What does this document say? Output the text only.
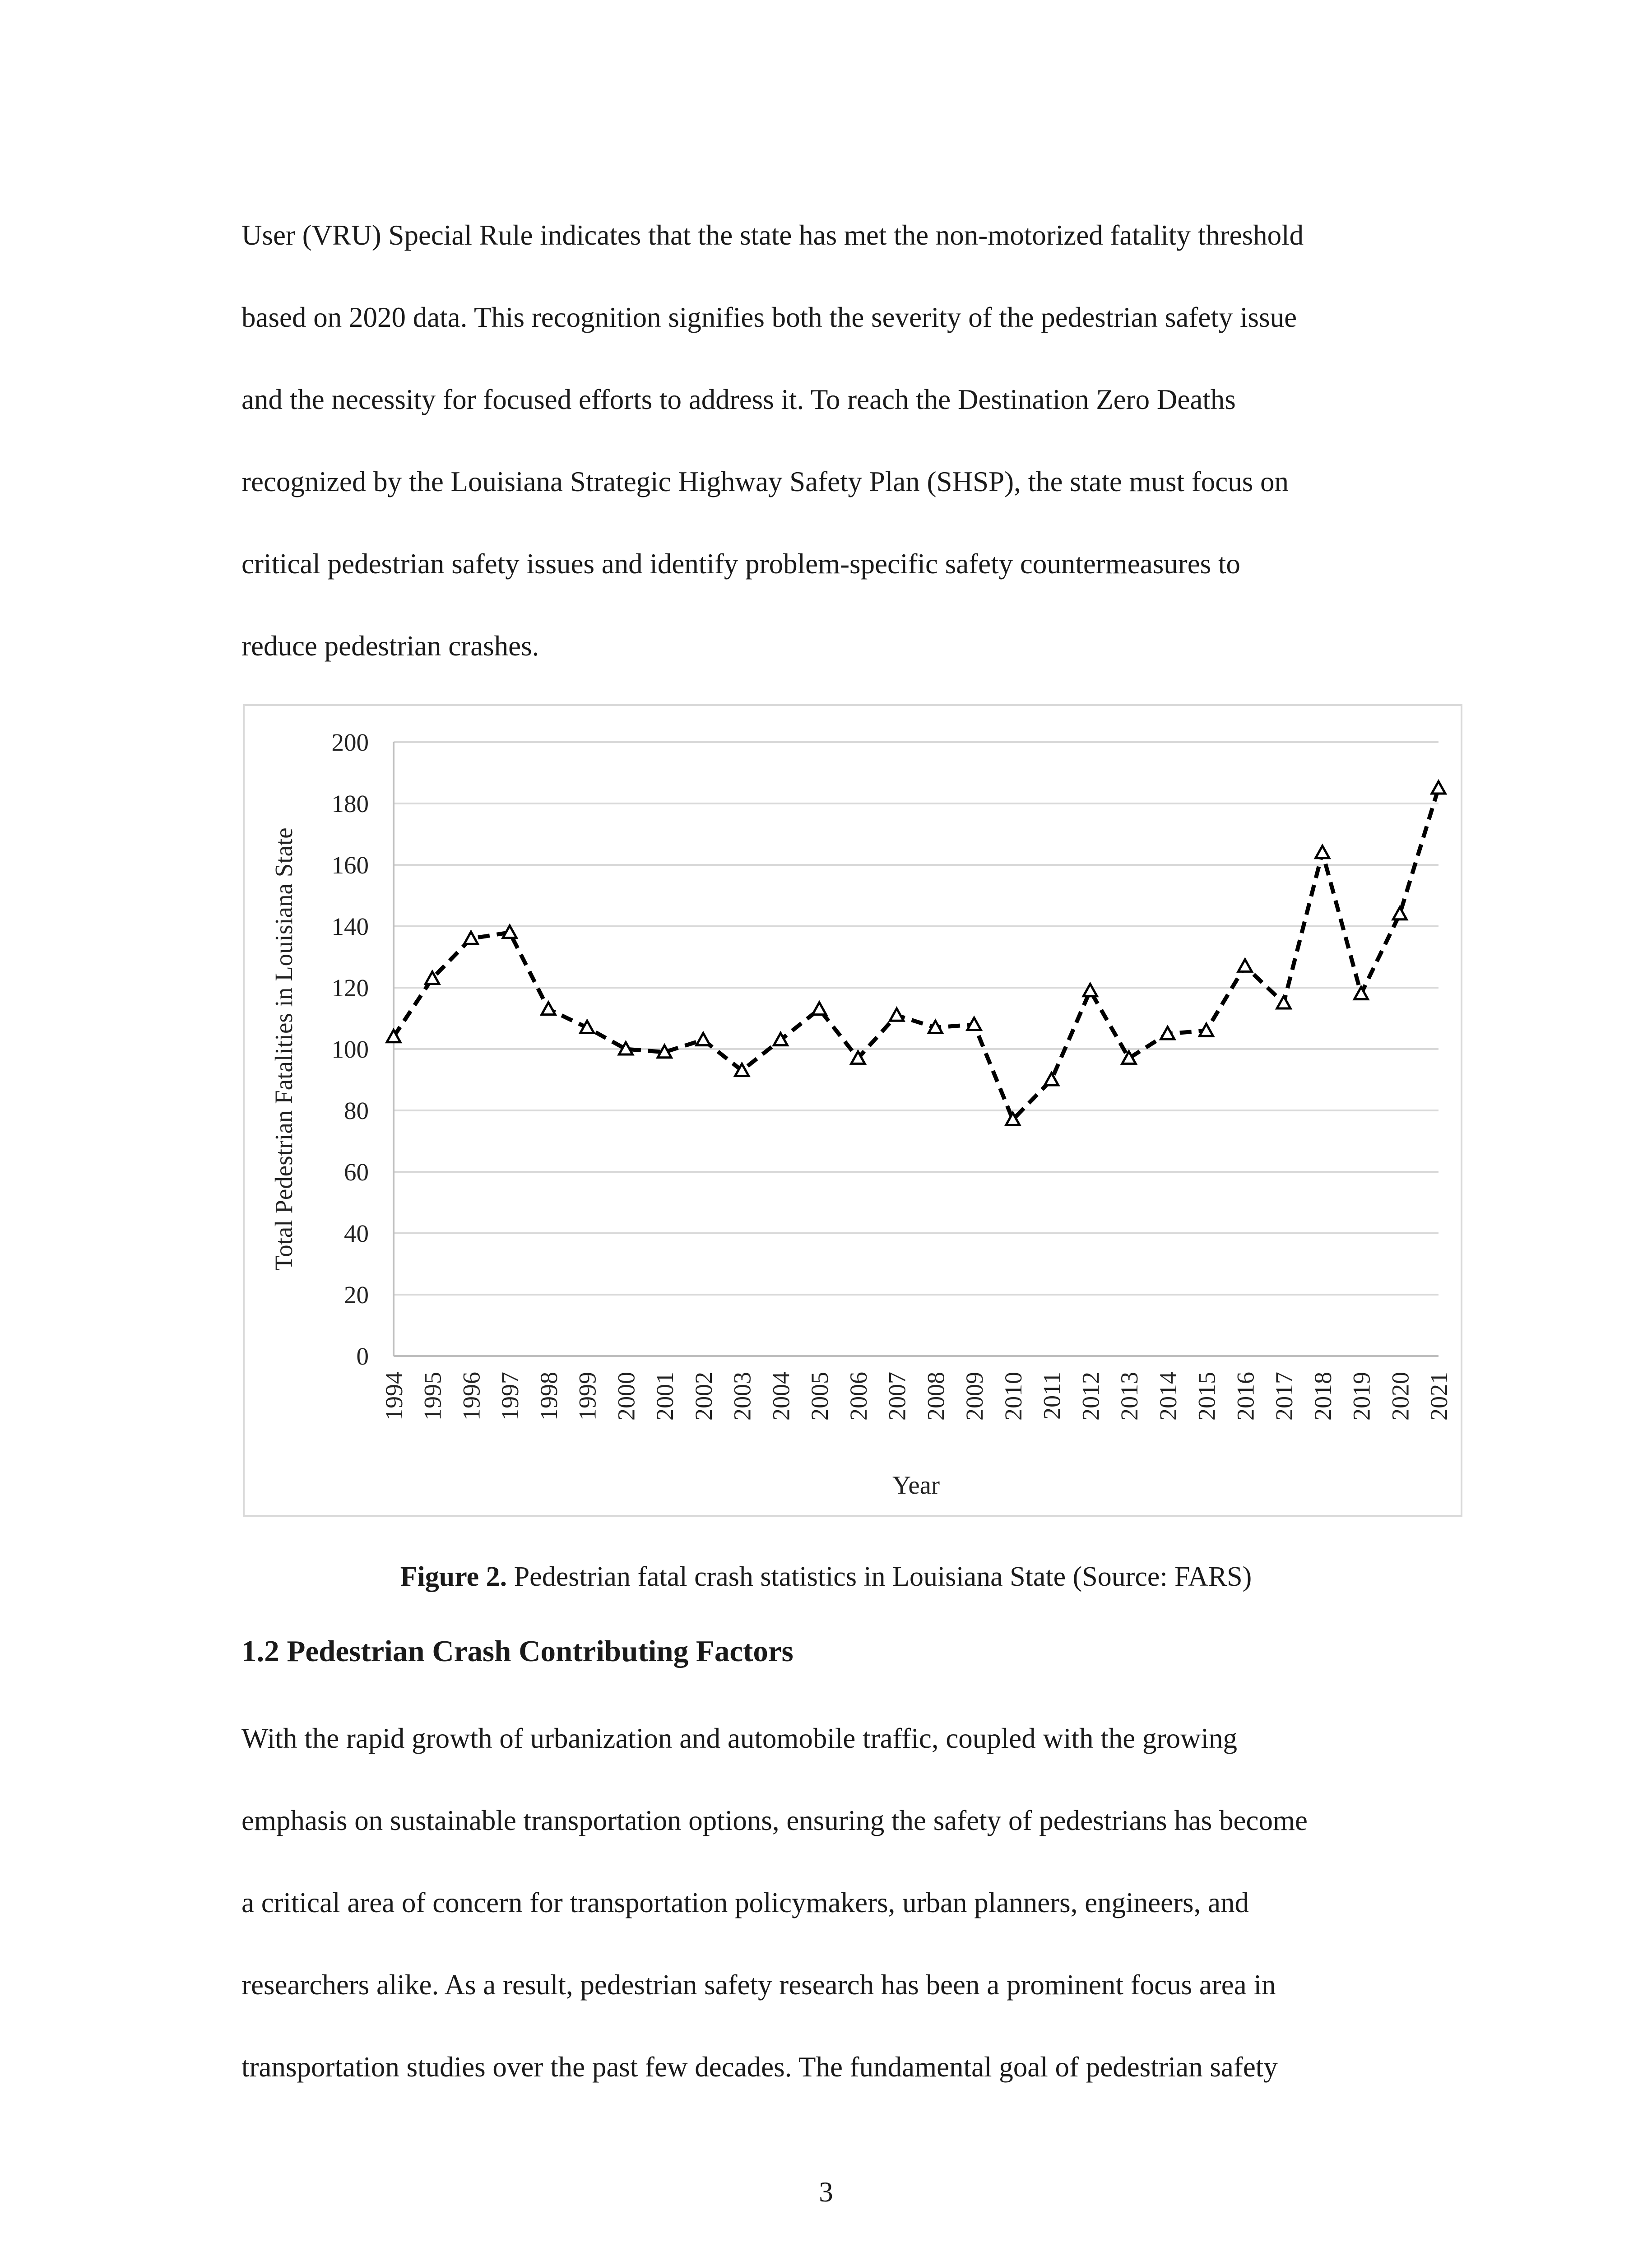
User (VRU) Special Rule indicates that the state has met the non-motorized fatality threshold
based on 2020 data. This recognition signifies both the severity of the pedestrian safety issue
and the necessity for focused efforts to address it. To reach the Destination Zero Deaths
recognized by the Louisiana Strategic Highway Safety Plan (SHSP), the state must focus on
critical pedestrian safety issues and identify problem-specific safety countermeasures to
reduce pedestrian crashes.
0
20
40
60
80
100
120
140
160
180
200
1994 1995 1996 1997 1998 1999 2000 2001 2002 2003 2004 2005 2006 2007 2008 2009 2010 2011 2012 2013 2014 2015 2016 2017 2018 2019 2020 2021
Total Pedestrian Fatalities in Louisiana State
Year
Figure 2. Pedestrian fatal crash statistics in Louisiana State (Source: FARS)
1.2 Pedestrian Crash Contributing Factors
With the rapid growth of urbanization and automobile traffic, coupled with the growing
emphasis on sustainable transportation options, ensuring the safety of pedestrians has become
a critical area of concern for transportation policymakers, urban planners, engineers, and
researchers alike. As a result, pedestrian safety research has been a prominent focus area in
transportation studies over the past few decades. The fundamental goal of pedestrian safety
3
